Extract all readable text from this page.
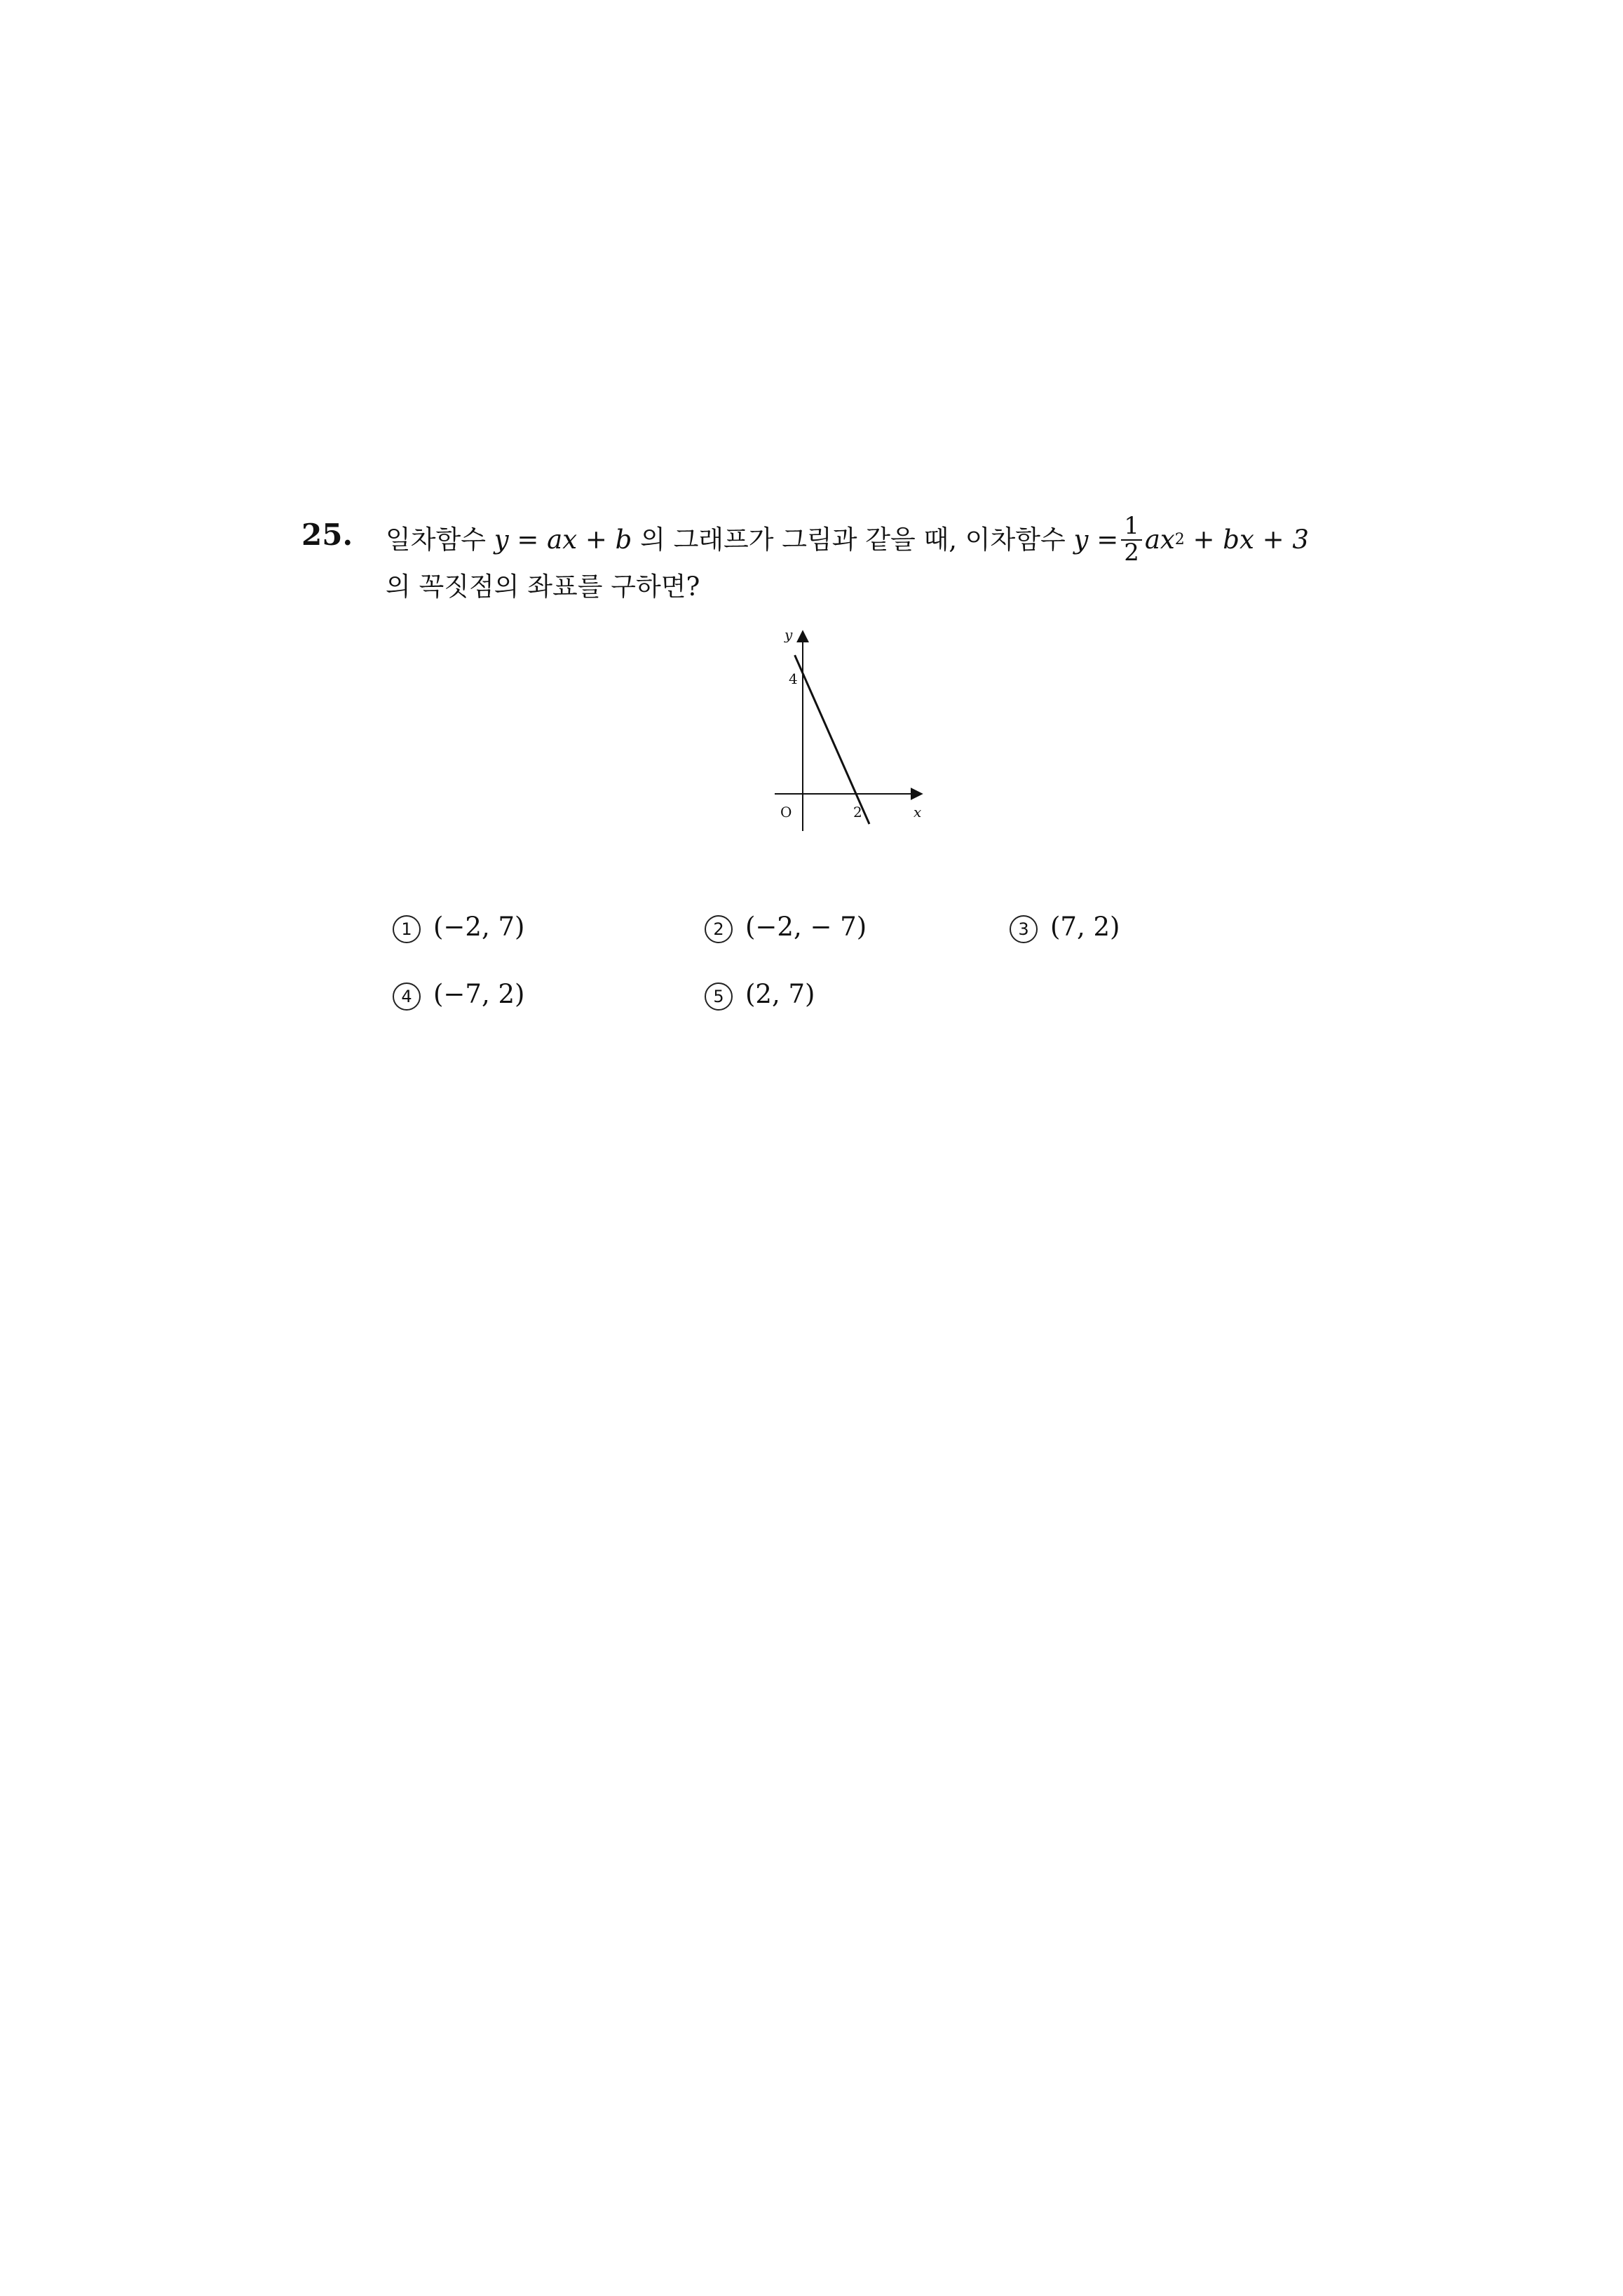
25. 일차함수
y = ax + b
의 그래프가 그림과 같을 때, 이차함수
$y = \frac{1}{2}$ ax 2
+ bx + 3
의 꼭짓점의 좌표를 구하면?
y
x
O
4
2
1 (−2, 7)	2 (−2, − 7)	3 (7, 2)
4 (−7, 2)	5 (2, 7)
